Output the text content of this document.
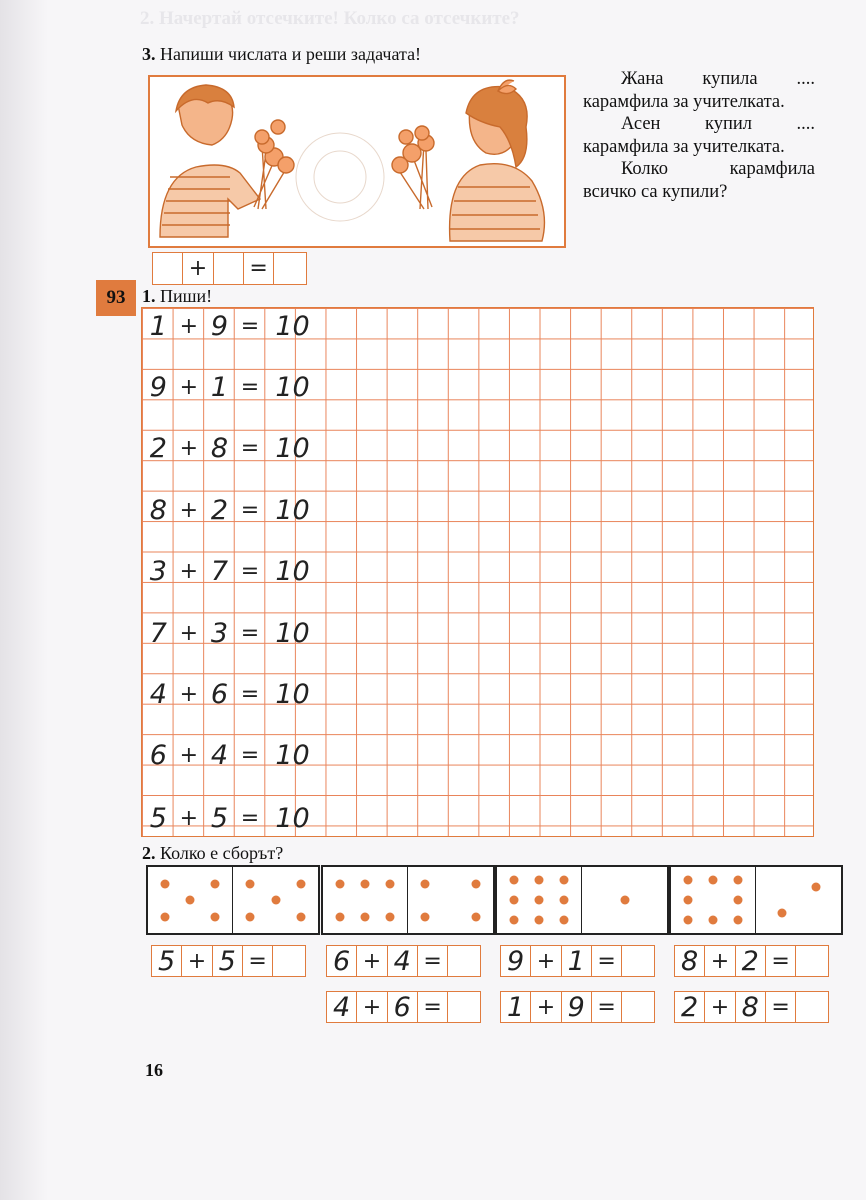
2. Начертай отсечките! Колко са отсечките?
3. Напиши числата и реши задачата!

Жана купила .... карамфила за учителката.

Асен купил .... карамфила за учителката.

Колко карамфила всичко са купили?

+ =
93 1. Пиши!
1 + 9 = 10
9 + 1 = 10
2 + 8 = 10
8 + 2 = 10
3 + 7 = 10
7 + 3 = 10
4 + 6 = 10
6 + 4 = 10
5 + 5 = 10
2. Колко е сборът?
5 + 5 = 6 + 4 = 9 + 1 = 8 + 2 =
4 + 6 = 1 + 9 = 2 + 8 =

16
